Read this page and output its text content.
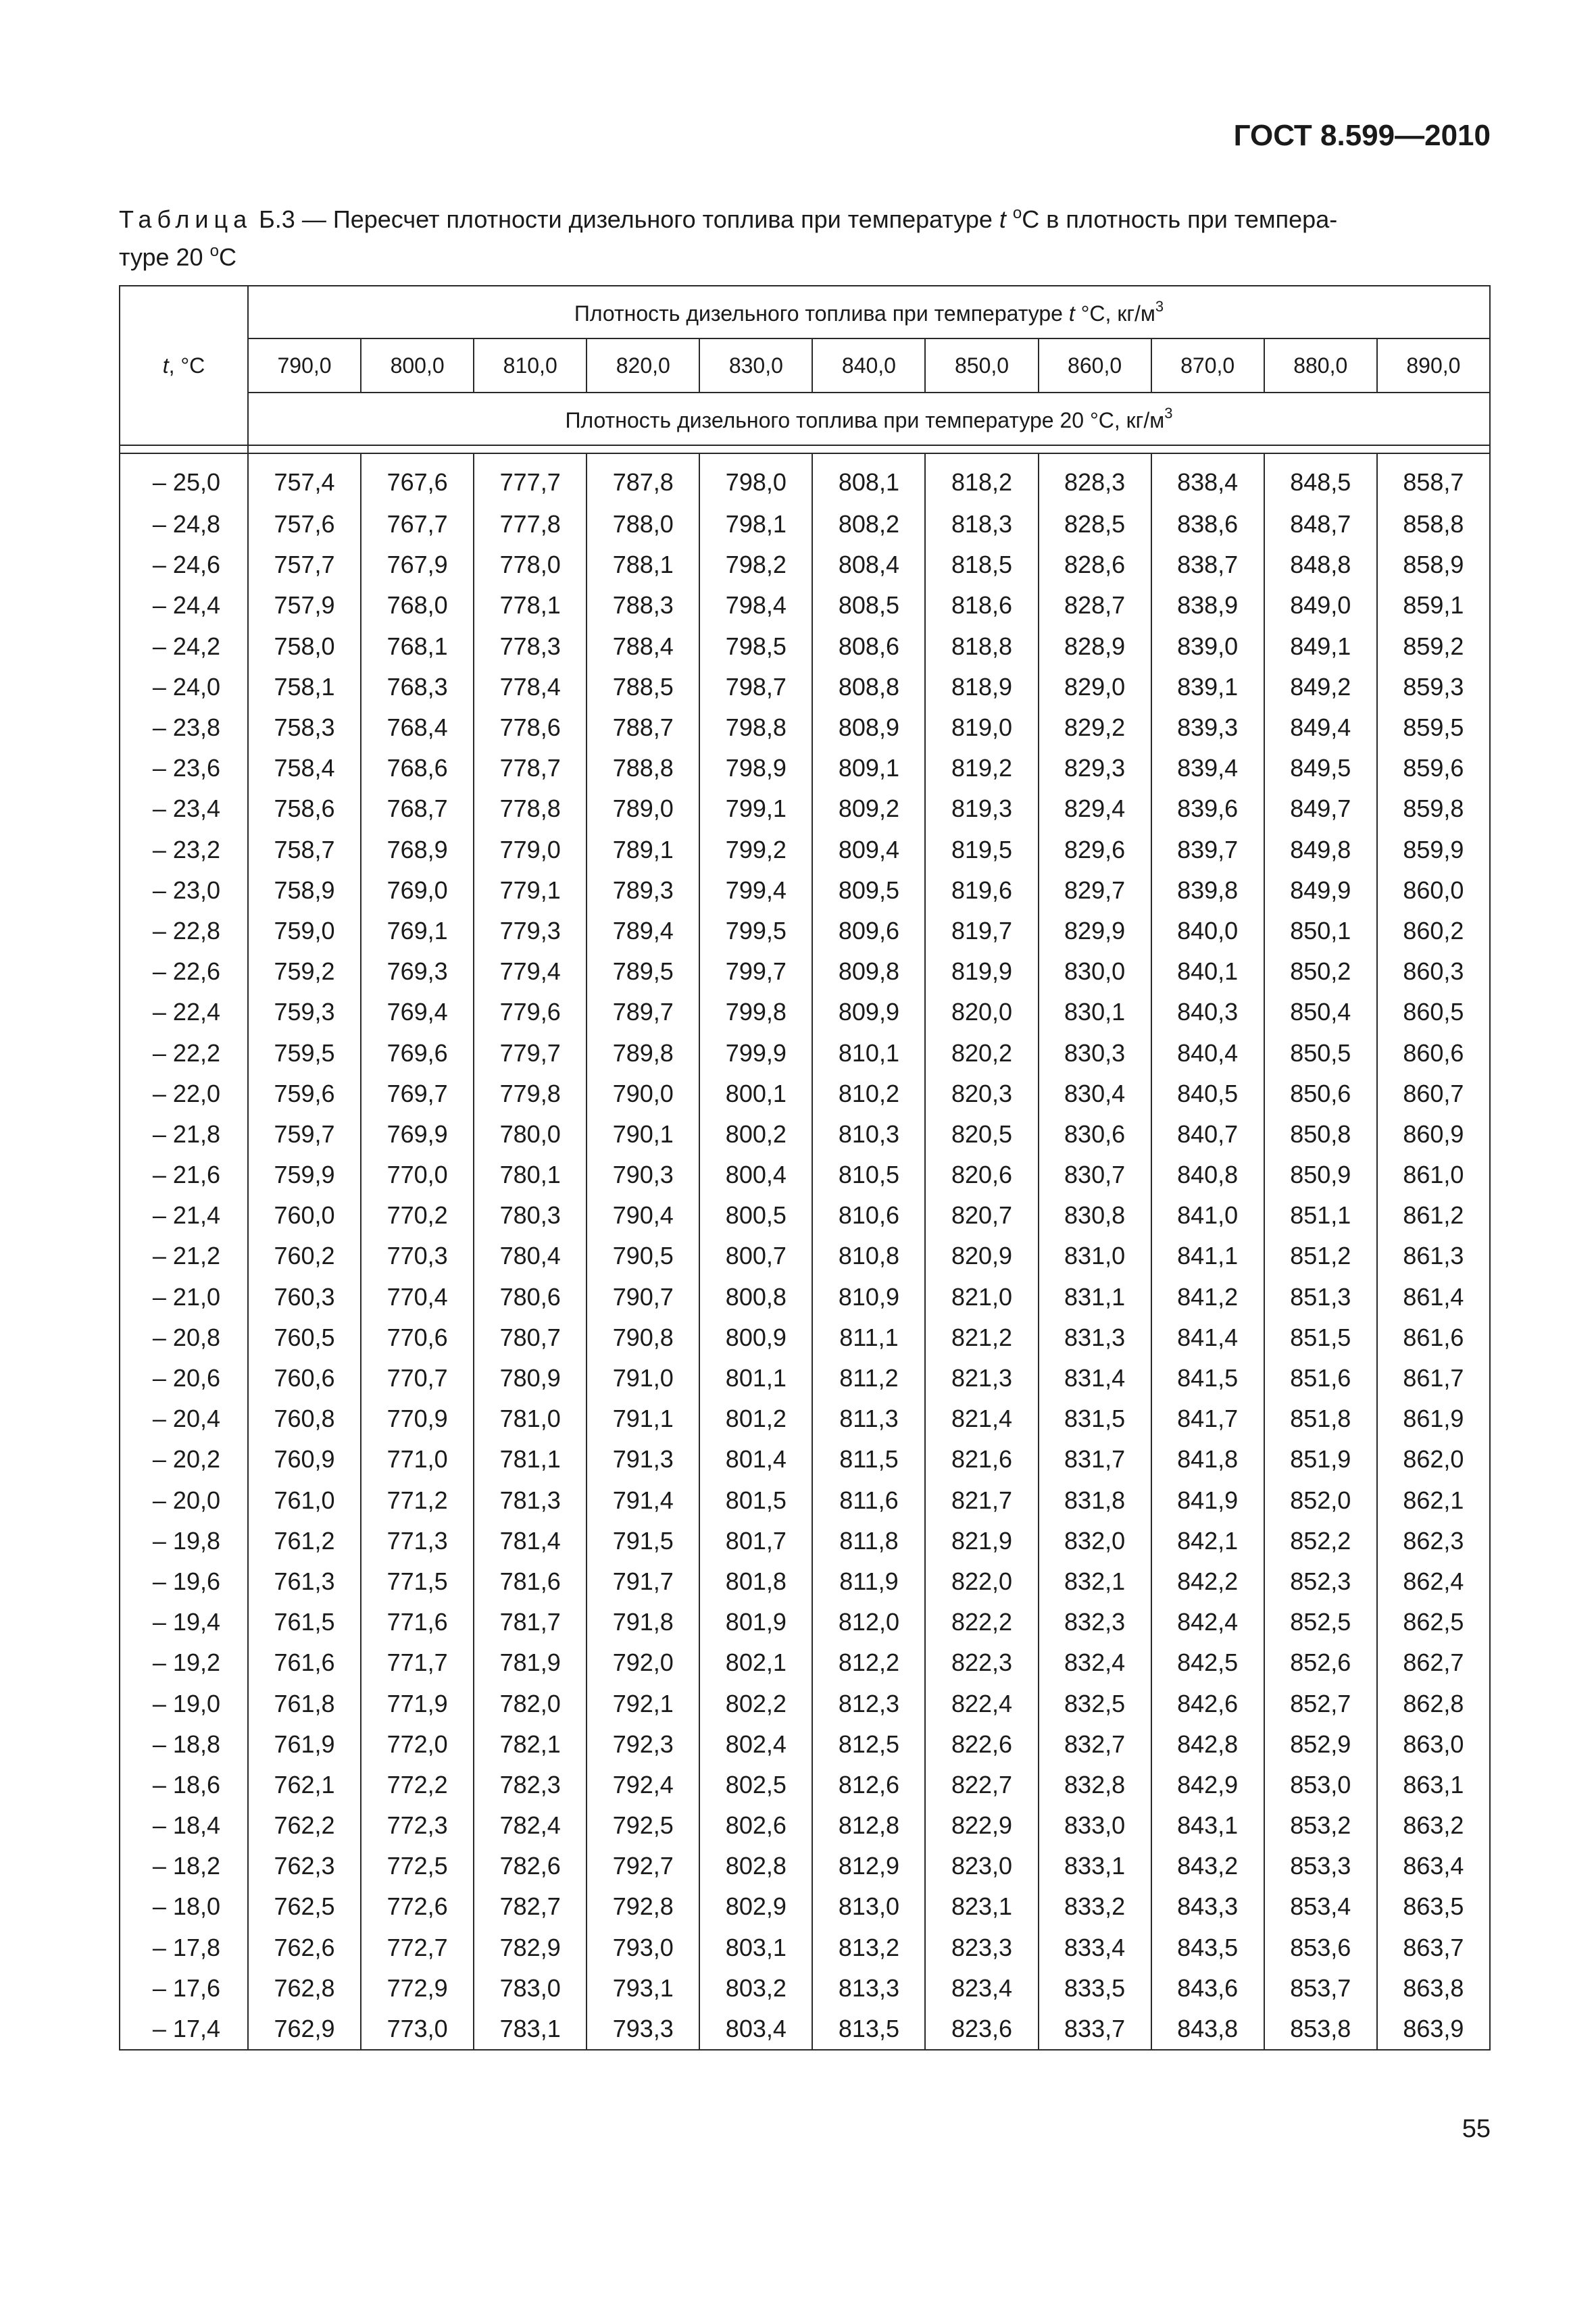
ГОСТ 8.599—2010
Таблица Б.3 — Пересчет плотности дизельного топлива при температуре t $^о$С в плотность при темпера-
туре 20 $^о$С
t, °С	Плотность дизельного топлива при температуре t °С, $кг/м^3$
	790,0	800,0	810,0	820,0	830,0	840,0	850,0	860,0	870,0	880,0	890,0
	Плотность дизельного топлива при температуре 20 °С, $кг/м^3$

– 25,0	757,4	767,6	777,7	787,8	798,0	808,1	818,2	828,3	838,4	848,5	858,7
– 24,8	757,6	767,7	777,8	788,0	798,1	808,2	818,3	828,5	838,6	848,7	858,8
– 24,6	757,7	767,9	778,0	788,1	798,2	808,4	818,5	828,6	838,7	848,8	858,9
– 24,4	757,9	768,0	778,1	788,3	798,4	808,5	818,6	828,7	838,9	849,0	859,1
– 24,2	758,0	768,1	778,3	788,4	798,5	808,6	818,8	828,9	839,0	849,1	859,2
– 24,0	758,1	768,3	778,4	788,5	798,7	808,8	818,9	829,0	839,1	849,2	859,3
– 23,8	758,3	768,4	778,6	788,7	798,8	808,9	819,0	829,2	839,3	849,4	859,5
– 23,6	758,4	768,6	778,7	788,8	798,9	809,1	819,2	829,3	839,4	849,5	859,6
– 23,4	758,6	768,7	778,8	789,0	799,1	809,2	819,3	829,4	839,6	849,7	859,8
– 23,2	758,7	768,9	779,0	789,1	799,2	809,4	819,5	829,6	839,7	849,8	859,9
– 23,0	758,9	769,0	779,1	789,3	799,4	809,5	819,6	829,7	839,8	849,9	860,0
– 22,8	759,0	769,1	779,3	789,4	799,5	809,6	819,7	829,9	840,0	850,1	860,2
– 22,6	759,2	769,3	779,4	789,5	799,7	809,8	819,9	830,0	840,1	850,2	860,3
– 22,4	759,3	769,4	779,6	789,7	799,8	809,9	820,0	830,1	840,3	850,4	860,5
– 22,2	759,5	769,6	779,7	789,8	799,9	810,1	820,2	830,3	840,4	850,5	860,6
– 22,0	759,6	769,7	779,8	790,0	800,1	810,2	820,3	830,4	840,5	850,6	860,7
– 21,8	759,7	769,9	780,0	790,1	800,2	810,3	820,5	830,6	840,7	850,8	860,9
– 21,6	759,9	770,0	780,1	790,3	800,4	810,5	820,6	830,7	840,8	850,9	861,0
– 21,4	760,0	770,2	780,3	790,4	800,5	810,6	820,7	830,8	841,0	851,1	861,2
– 21,2	760,2	770,3	780,4	790,5	800,7	810,8	820,9	831,0	841,1	851,2	861,3
– 21,0	760,3	770,4	780,6	790,7	800,8	810,9	821,0	831,1	841,2	851,3	861,4
– 20,8	760,5	770,6	780,7	790,8	800,9	811,1	821,2	831,3	841,4	851,5	861,6
– 20,6	760,6	770,7	780,9	791,0	801,1	811,2	821,3	831,4	841,5	851,6	861,7
– 20,4	760,8	770,9	781,0	791,1	801,2	811,3	821,4	831,5	841,7	851,8	861,9
– 20,2	760,9	771,0	781,1	791,3	801,4	811,5	821,6	831,7	841,8	851,9	862,0
– 20,0	761,0	771,2	781,3	791,4	801,5	811,6	821,7	831,8	841,9	852,0	862,1
– 19,8	761,2	771,3	781,4	791,5	801,7	811,8	821,9	832,0	842,1	852,2	862,3
– 19,6	761,3	771,5	781,6	791,7	801,8	811,9	822,0	832,1	842,2	852,3	862,4
– 19,4	761,5	771,6	781,7	791,8	801,9	812,0	822,2	832,3	842,4	852,5	862,5
– 19,2	761,6	771,7	781,9	792,0	802,1	812,2	822,3	832,4	842,5	852,6	862,7
– 19,0	761,8	771,9	782,0	792,1	802,2	812,3	822,4	832,5	842,6	852,7	862,8
– 18,8	761,9	772,0	782,1	792,3	802,4	812,5	822,6	832,7	842,8	852,9	863,0
– 18,6	762,1	772,2	782,3	792,4	802,5	812,6	822,7	832,8	842,9	853,0	863,1
– 18,4	762,2	772,3	782,4	792,5	802,6	812,8	822,9	833,0	843,1	853,2	863,2
– 18,2	762,3	772,5	782,6	792,7	802,8	812,9	823,0	833,1	843,2	853,3	863,4
– 18,0	762,5	772,6	782,7	792,8	802,9	813,0	823,1	833,2	843,3	853,4	863,5
– 17,8	762,6	772,7	782,9	793,0	803,1	813,2	823,3	833,4	843,5	853,6	863,7
– 17,6	762,8	772,9	783,0	793,1	803,2	813,3	823,4	833,5	843,6	853,7	863,8
– 17,4	762,9	773,0	783,1	793,3	803,4	813,5	823,6	833,7	843,8	853,8	863,9
55
